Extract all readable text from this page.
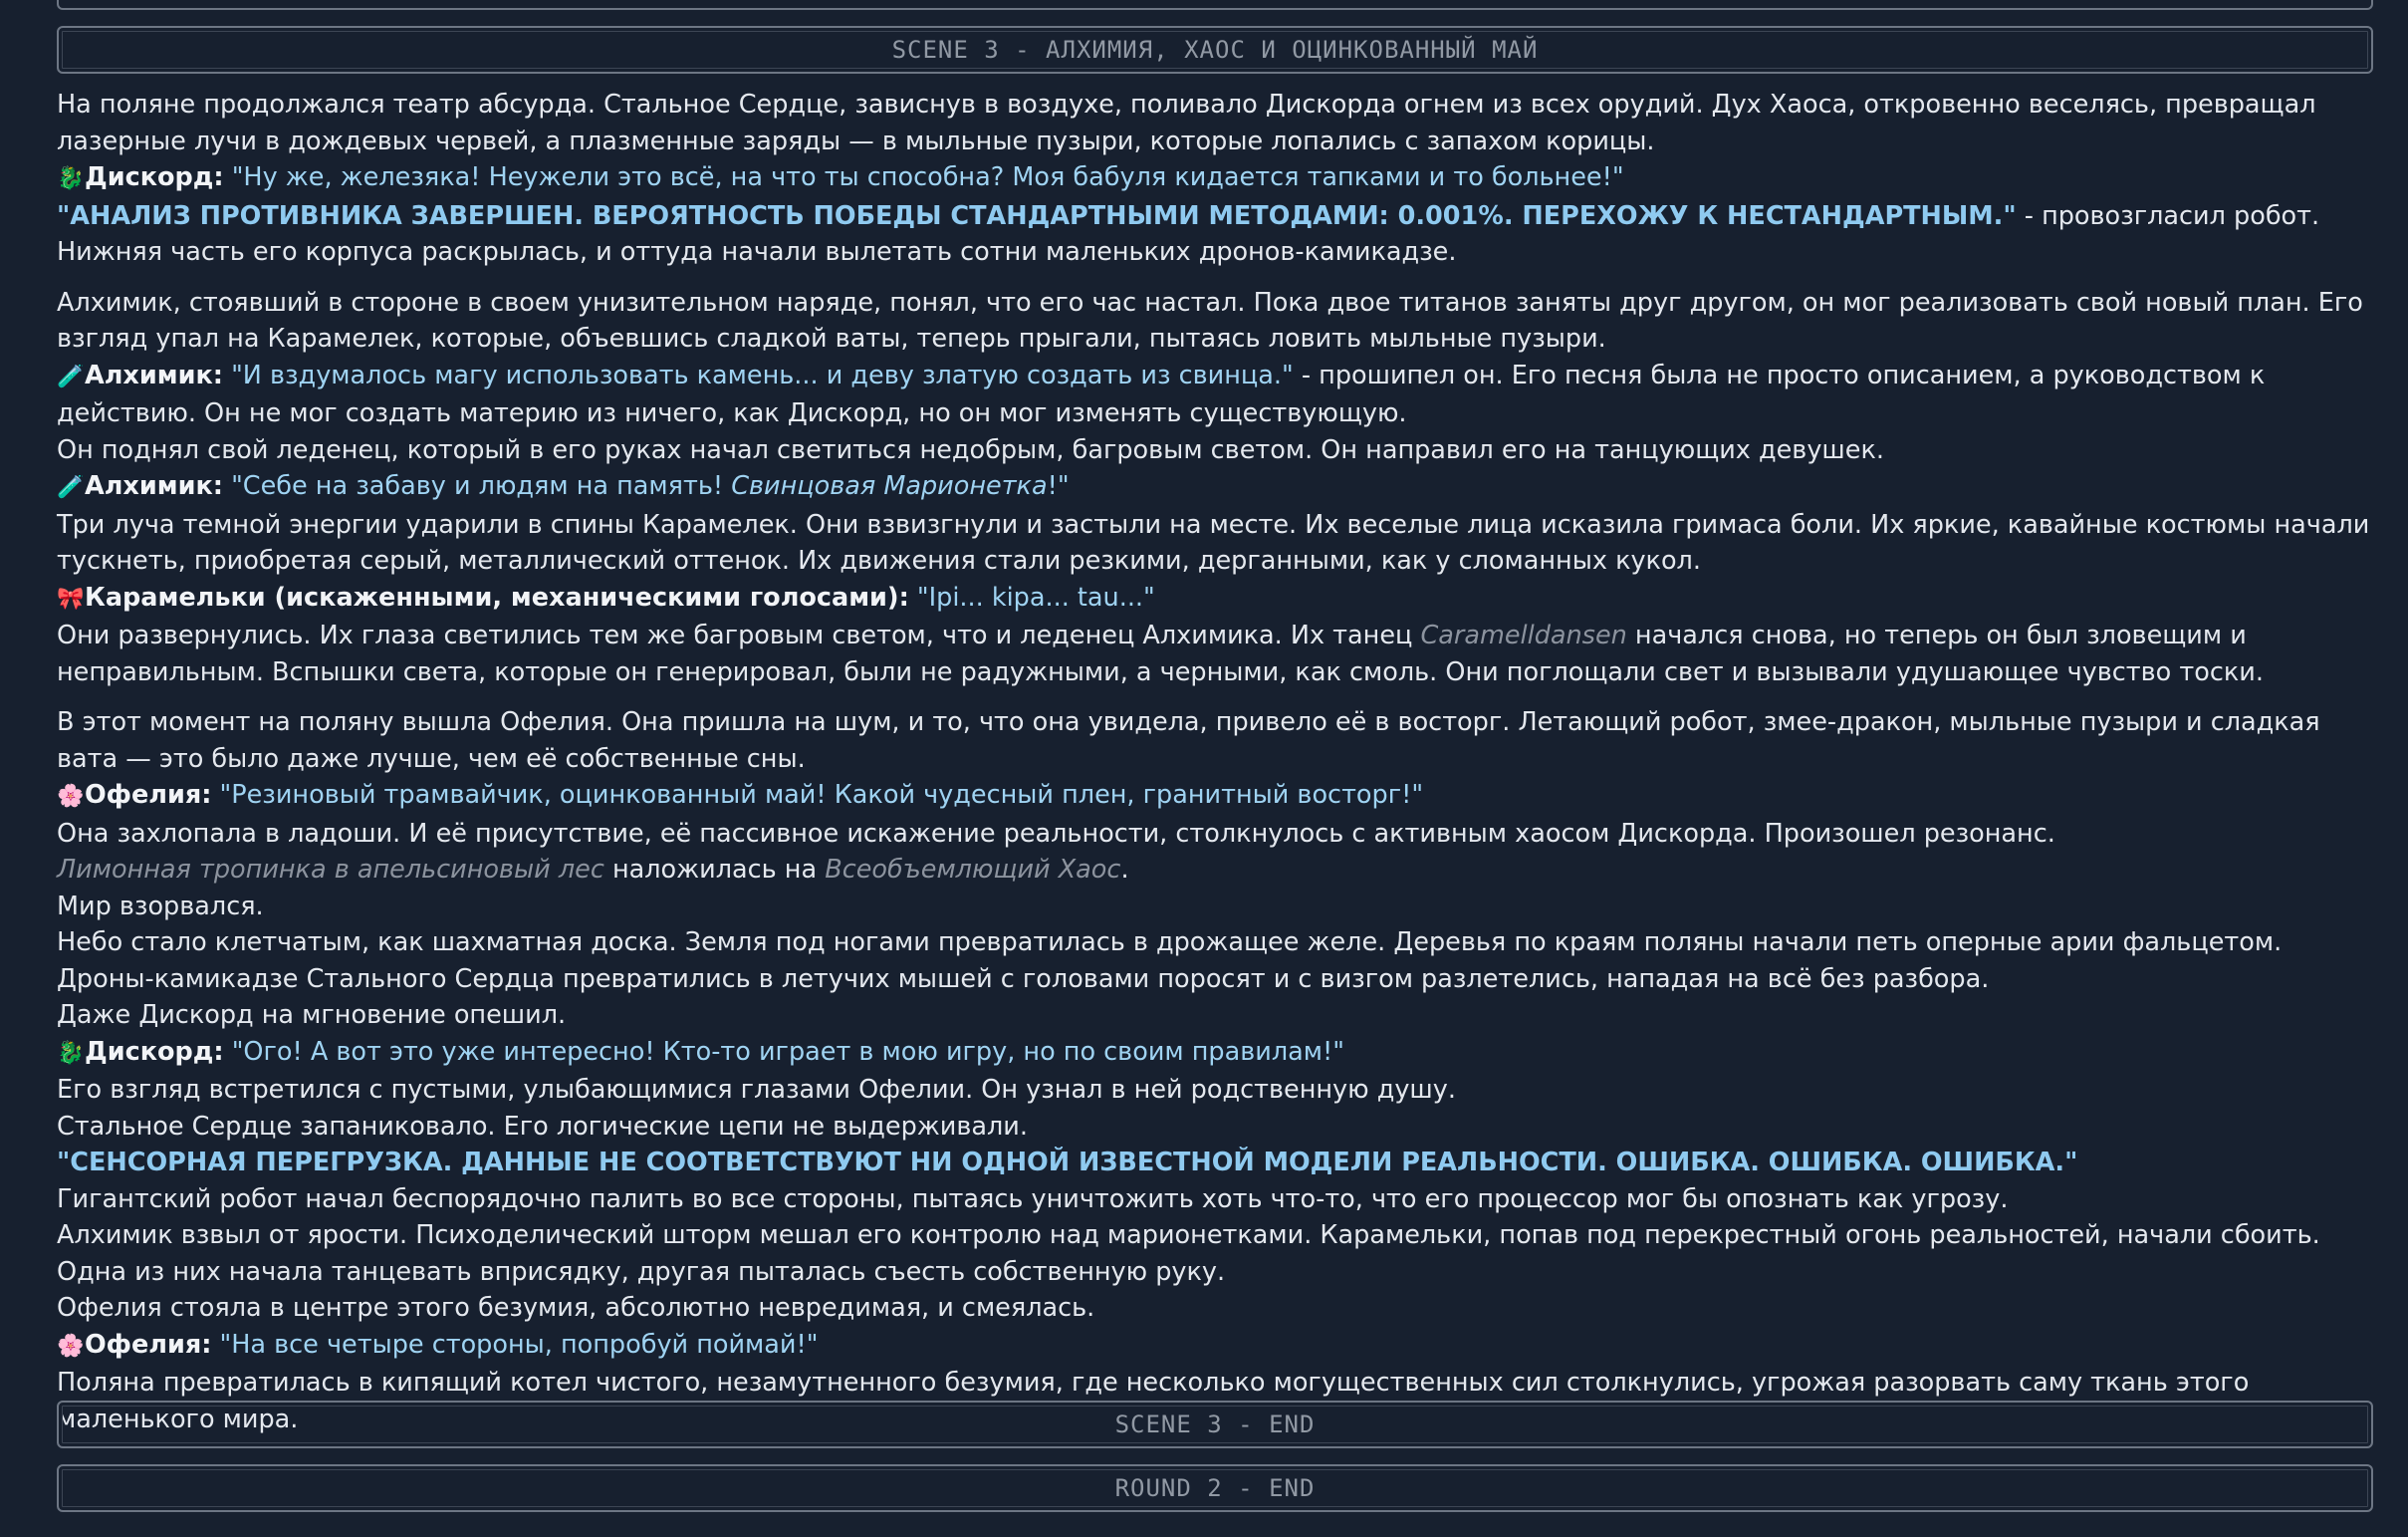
SCENE 3 - АЛХИМИЯ, ХАОС И ОЦИНКОВАННЫЙ МАЙ

На поляне продолжался театр абсурда. Стальное Сердце, зависнув в воздухе, поливало Дискорда огнем из всех орудий. Дух Хаоса, откровенно веселясь, превращал лазерные лучи в дождевых червей, а плазменные заряды — в мыльные пузыри, которые лопались с запахом корицы.

🐉Дискорд: "Ну же, железяка! Неужели это всё, на что ты способна? Моя бабуля кидается тапками и то больнее!"

"АНАЛИЗ ПРОТИВНИКА ЗАВЕРШЕН. ВЕРОЯТНОСТЬ ПОБЕДЫ СТАНДАРТНЫМИ МЕТОДАМИ: 0.001%. ПЕРЕХОЖУ К НЕСТАНДАРТНЫМ." - провозгласил робот. Нижняя часть его корпуса раскрылась, и оттуда начали вылетать сотни маленьких дронов-камикадзе.

Алхимик, стоявший в стороне в своем унизительном наряде, понял, что его час настал. Пока двое титанов заняты друг другом, он мог реализовать свой новый план. Его взгляд упал на Карамелек, которые, объевшись сладкой ваты, теперь прыгали, пытаясь ловить мыльные пузыри.

🧪Алхимик: "И вздумалось магу использовать камень... и деву златую создать из свинца." - прошипел он. Его песня была не просто описанием, а руководством к действию. Он не мог создать материю из ничего, как Дискорд, но он мог изменять существующую.

Он поднял свой леденец, который в его руках начал светиться недобрым, багровым светом. Он направил его на танцующих девушек.

🧪Алхимик: "Себе на забаву и людям на память! Свинцовая Марионетка!"

Три луча темной энергии ударили в спины Карамелек. Они взвизгнули и застыли на месте. Их веселые лица исказила гримаса боли. Их яркие, кавайные костюмы начали тускнеть, приобретая серый, металлический оттенок. Их движения стали резкими, дерганными, как у сломанных кукол.

🎀Карамельки (искаженными, механическими голосами): "Ipi... kipa... tau..."

Они развернулись. Их глаза светились тем же багровым светом, что и леденец Алхимика. Их танец Caramelldansen начался снова, но теперь он был зловещим и неправильным. Вспышки света, которые он генерировал, были не радужными, а черными, как смоль. Они поглощали свет и вызывали удушающее чувство тоски.

В этот момент на поляну вышла Офелия. Она пришла на шум, и то, что она увидела, привело её в восторг. Летающий робот, змее-дракон, мыльные пузыри и сладкая вата — это было даже лучше, чем её собственные сны.

🌸Офелия: "Резиновый трамвайчик, оцинкованный май! Какой чудесный плен, гранитный восторг!"

Она захлопала в ладоши. И её присутствие, её пассивное искажение реальности, столкнулось с активным хаосом Дискорда. Произошел резонанс.

Лимонная тропинка в апельсиновый лес наложилась на Всеобъемлющий Хаос.

Мир взорвался.

Небо стало клетчатым, как шахматная доска. Земля под ногами превратилась в дрожащее желе. Деревья по краям поляны начали петь оперные арии фальцетом. Дроны-камикадзе Стального Сердца превратились в летучих мышей с головами поросят и с визгом разлетелись, нападая на всё без разбора.

Даже Дискорд на мгновение опешил.

🐉Дискорд: "Ого! А вот это уже интересно! Кто-то играет в мою игру, но по своим правилам!"

Его взгляд встретился с пустыми, улыбающимися глазами Офелии. Он узнал в ней родственную душу.

Стальное Сердце запаниковало. Его логические цепи не выдерживали.

"СЕНСОРНАЯ ПЕРЕГРУЗКА. ДАННЫЕ НЕ СООТВЕТСТВУЮТ НИ ОДНОЙ ИЗВЕСТНОЙ МОДЕЛИ РЕАЛЬНОСТИ. ОШИБКА. ОШИБКА. ОШИБКА."

Гигантский робот начал беспорядочно палить во все стороны, пытаясь уничтожить хоть что-то, что его процессор мог бы опознать как угрозу.

Алхимик взвыл от ярости. Психоделический шторм мешал его контролю над марионетками. Карамельки, попав под перекрестный огонь реальностей, начали сбоить. Одна из них начала танцевать вприсядку, другая пыталась съесть собственную руку.

Офелия стояла в центре этого безумия, абсолютно невредимая, и смеялась.

🌸Офелия: "На все четыре стороны, попробуй поймай!"

Поляна превратилась в кипящий котел чистого, незамутненного безумия, где несколько могущественных сил столкнулись, угрожая разорвать саму ткань этого маленького мира.	SCENE 3 - END
ROUND 2 - END
